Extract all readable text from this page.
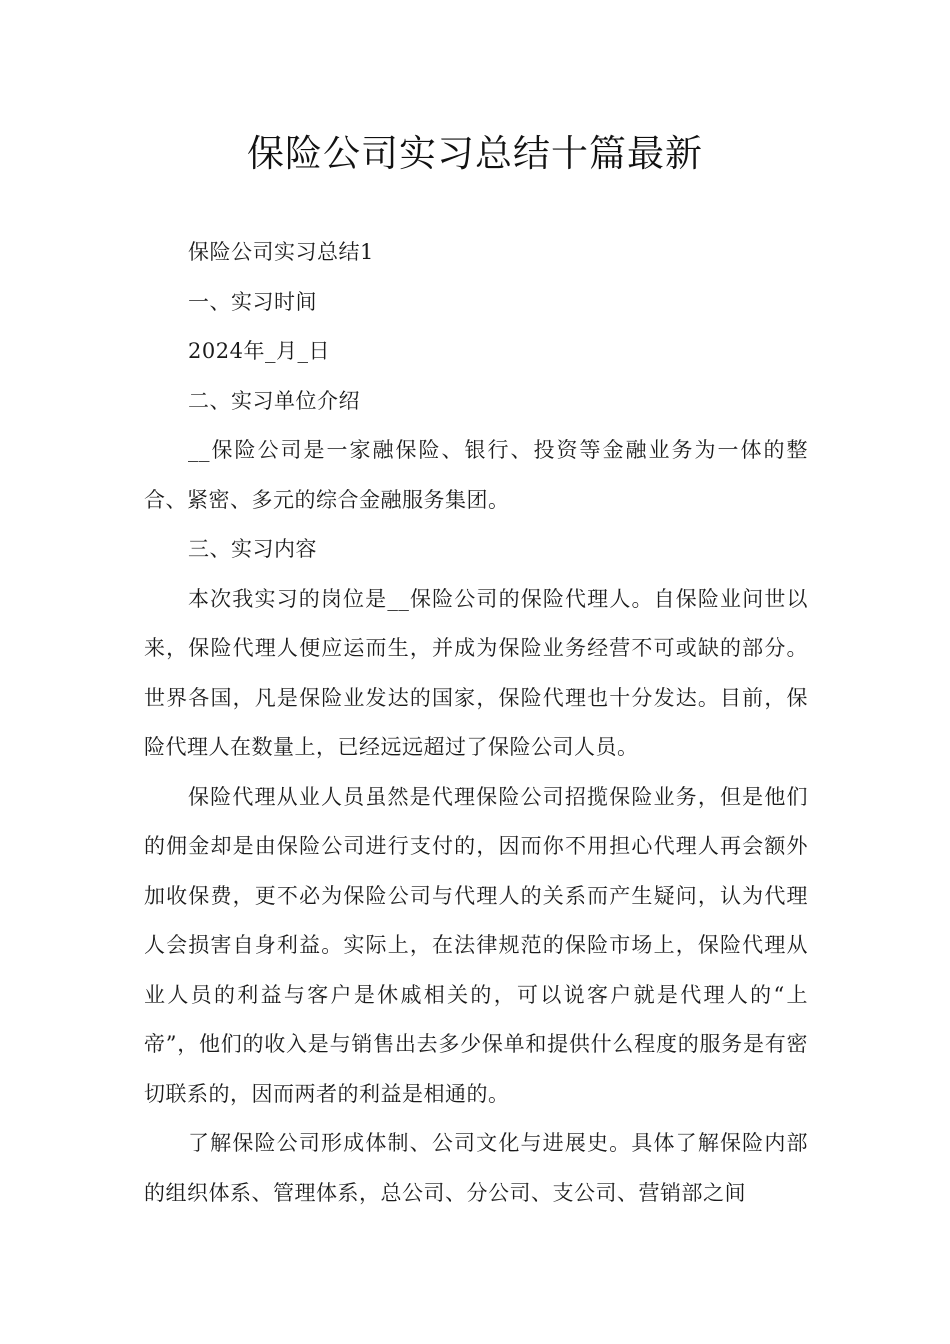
保险公司实习总结十篇最新

保险公司实习总结1

一、实习时间

2024年_月_日

二、实习单位介绍

__保险公司是一家融保险、银行、投资等金融业务为一体的整合、紧密、多元的综合金融服务集团。

三、实习内容

本次我实习的岗位是__保险公司的保险代理人。自保险业问世以来，保险代理人便应运而生，并成为保险业务经营不可或缺的部分。世界各国，凡是保险业发达的国家，保险代理也十分发达。目前，保险代理人在数量上，已经远远超过了保险公司人员。

保险代理从业人员虽然是代理保险公司招揽保险业务，但是他们的佣金却是由保险公司进行支付的，因而你不用担心代理人再会额外加收保费，更不必为保险公司与代理人的关系而产生疑问，认为代理人会损害自身利益。实际上，在法律规范的保险市场上，保险代理从业人员的利益与客户是休戚相关的，可以说客户就是代理人的“上帝”，他们的收入是与销售出去多少保单和提供什么程度的服务是有密切联系的，因而两者的利益是相通的。

了解保险公司形成体制、公司文化与进展史。具体了解保险内部的组织体系、管理体系，总公司、分公司、支公司、营销部之间
